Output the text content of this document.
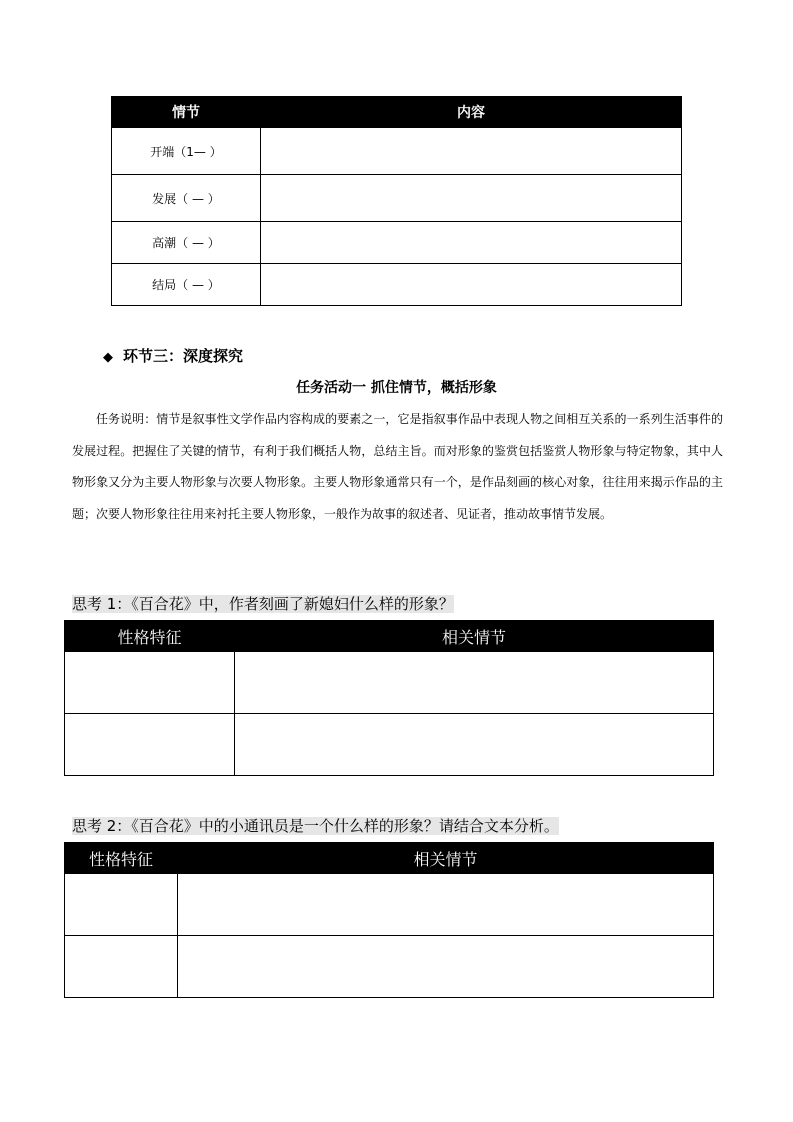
情节	内容
开端（1— ）	
发展（ — ）	
高潮（ — ）	
结局（ — ）	
◆ 环节三：深度探究
任务活动一 抓住情节，概括形象
任务说明：情节是叙事性文学作品内容构成的要素之一，它是指叙事作品中表现人物之间相互关系的一系列生活事件的发展过程。把握住了关键的情节，有利于我们概括人物，总结主旨。而对形象的鉴赏包括鉴赏人物形象与特定物象，其中人物形象又分为主要人物形象与次要人物形象。主要人物形象通常只有一个，是作品刻画的核心对象，往往用来揭示作品的主题；次要人物形象往往用来衬托主要人物形象，一般作为故事的叙述者、见证者，推动故事情节发展。
思考 1：《百合花》中，作者刻画了新媳妇什么样的形象？
性格特征	相关情节

思考 2：《百合花》中的小通讯员是一个什么样的形象？请结合文本分析。
性格特征	相关情节
